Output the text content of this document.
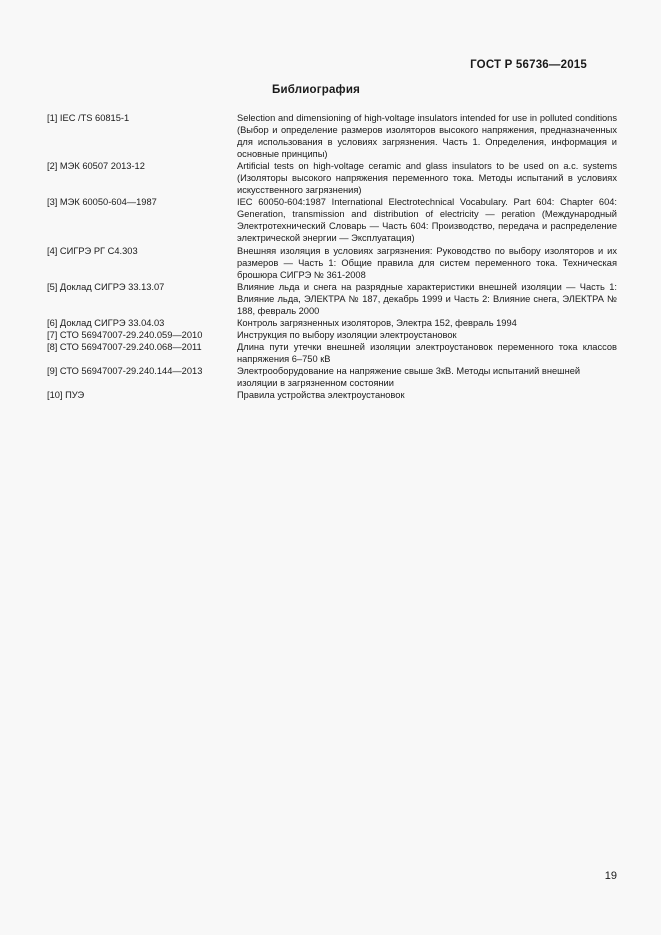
ГОСТ Р 56736—2015
Библиография
[1] IEC /TS 60815-1	Selection and dimensioning of high-voltage insulators intended for use in polluted conditions (Выбор и определение размеров изоляторов высокого напряжения, предназначенных для использования в условиях загрязнения. Часть 1. Определения, информация и основные принципы)
[2] МЭК 60507 2013-12	Artificial tests on high-voltage ceramic and glass insulators to be used on a.c. systems (Изоляторы высокого напряжения переменного тока. Методы испытаний в условиях искусственного загрязнения)
[3] МЭК 60050-604—1987	IEC 60050-604:1987 International Electrotechnical Vocabulary. Part 604: Chapter 604: Generation, transmission and distribution of electricity — peration (Международный Электротехнический Словарь — Часть 604: Производство, передача и распределение электрической энергии — Эксплуатация)
[4] СИГРЭ РГ С4.303	Внешняя изоляция в условиях загрязнения: Руководство по выбору изоляторов и их размеров — Часть 1: Общие правила для систем переменного тока. Техническая брошюра СИГРЭ № 361-2008
[5] Доклад СИГРЭ 33.13.07	Влияние льда и снега на разрядные характеристики внешней изоляции — Часть 1: Влияние льда, ЭЛЕКТРА № 187, декабрь 1999 и Часть 2: Влияние снега, ЭЛЕКТРА № 188, февраль 2000
[6] Доклад СИГРЭ 33.04.03	Контроль загрязненных изоляторов, Электра 152, февраль 1994
[7] СТО 56947007-29.240.059—2010	Инструкция по выбору изоляции электроустановок
[8] СТО 56947007-29.240.068—2011	Длина пути утечки внешней изоляции электроустановок переменного тока классов напряжения 6–750 кВ
[9] СТО 56947007-29.240.144—2013	Электрооборудование на напряжение свыше 3кВ. Методы испытаний внешней изоляции в загрязненном состоянии
[10] ПУЭ	Правила устройства электроустановок
19
